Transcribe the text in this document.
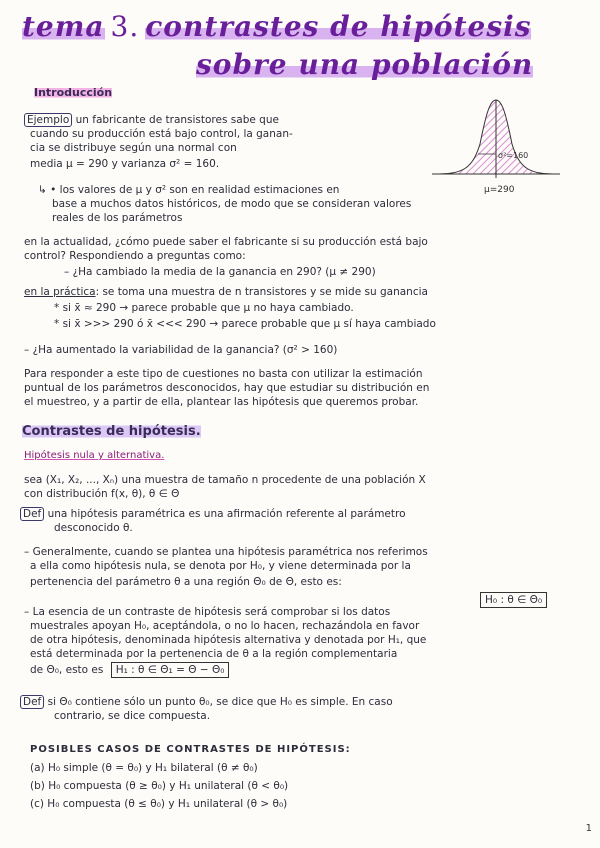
tema 3. contrastes de hipótesis
sobre una población
Introducción
Ejemplo un fabricante de transistores sabe que
cuando su producción está bajo control, la ganan-
cia se distribuye según una normal con
media μ = 290 y varianza σ² = 160.
σ²=160
μ=290
↳ • los valores de μ y σ² son en realidad estimaciones en
base a muchos datos históricos, de modo que se consideran valores
reales de los parámetros
en la actualidad, ¿cómo puede saber el fabricante si su producción está bajo
control? Respondiendo a preguntas como:
– ¿Ha cambiado la media de la ganancia en 290? (μ ≠ 290)
en la práctica: se toma una muestra de n transistores y se mide su ganancia
* si x̄ ≈ 290 → parece probable que μ no haya cambiado.
* si x̄ >>> 290 ó x̄ <<< 290 → parece probable que μ sí haya cambiado
– ¿Ha aumentado la variabilidad de la ganancia? (σ² > 160)
Para responder a este tipo de cuestiones no basta con utilizar la estimación
puntual de los parámetros desconocidos, hay que estudiar su distribución en
el muestreo, y a partir de ella, plantear las hipótesis que queremos probar.
Contrastes de hipótesis.
Hipótesis nula y alternativa.
sea (X₁, X₂, ..., Xₙ) una muestra de tamaño n procedente de una población X
con distribución f(x, θ), θ ∈ Θ
Def una hipótesis paramétrica es una afirmación referente al parámetro
desconocido θ.
– Generalmente, cuando se plantea una hipótesis paramétrica nos referimos
a ella como hipótesis nula, se denota por H₀, y viene determinada por la
pertenencia del parámetro θ a una región Θ₀ de Θ, esto es:
H₀ : θ ∈ Θ₀
– La esencia de un contraste de hipótesis será comprobar si los datos
muestrales apoyan H₀, aceptándola, o no lo hacen, rechazándola en favor
de otra hipótesis, denominada hipótesis alternativa y denotada por H₁, que
está determinada por la pertenencia de θ a la región complementaria
de Θ₀, esto es H₁ : θ ∈ Θ₁ = Θ − Θ₀
Def si Θ₀ contiene sólo un punto θ₀, se dice que H₀ es simple. En caso
contrario, se dice compuesta.
POSIBLES CASOS DE CONTRASTES DE HIPÓTESIS:
(a) H₀ simple (θ = θ₀) y H₁ bilateral (θ ≠ θ₀)
(b) H₀ compuesta (θ ≥ θ₀) y H₁ unilateral (θ < θ₀)
(c) H₀ compuesta (θ ≤ θ₀) y H₁ unilateral (θ > θ₀)
1
